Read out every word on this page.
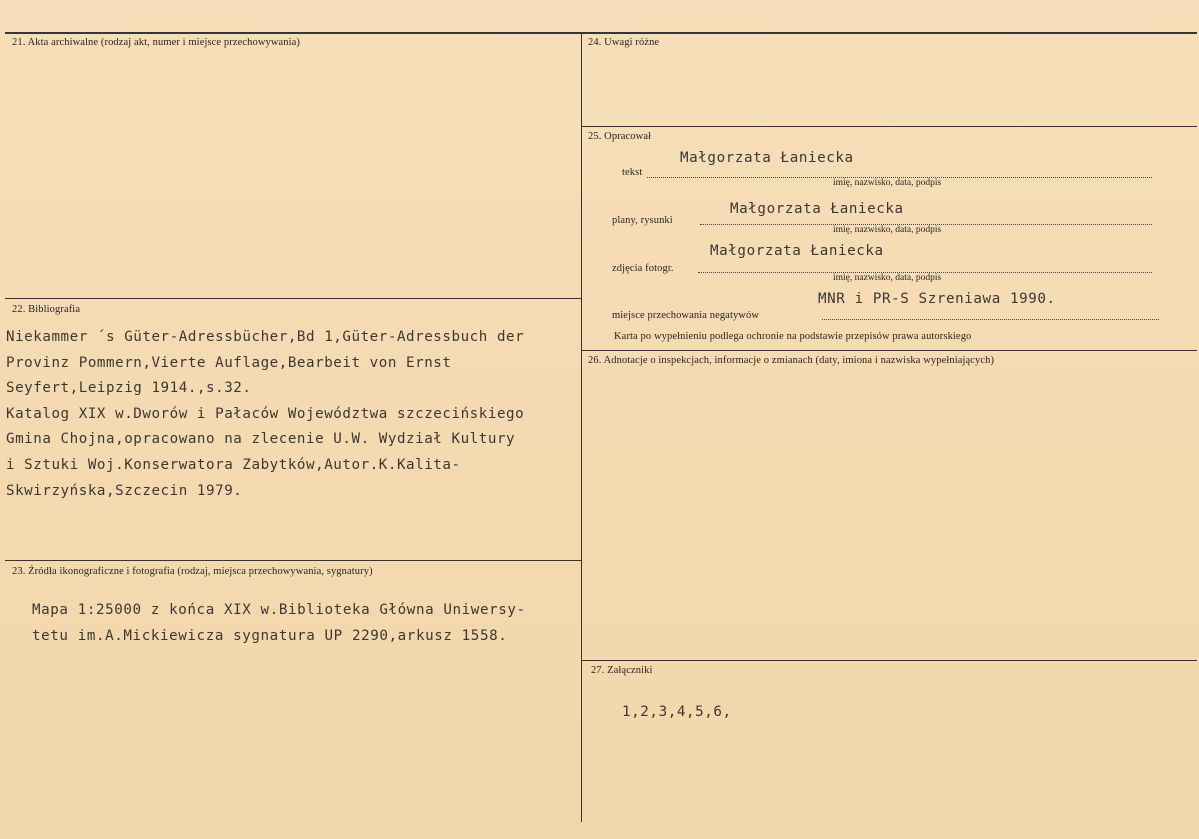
21. Akta archiwalne (rodzaj akt, numer i miejsce przechowywania)
22. Bibliografia
Niekammer ´s Güter-Adressbücher,Bd 1,Güter-Adressbuch der
Provinz Pommern,Vierte Auflage,Bearbeit von Ernst
Seyfert,Leipzig 1914.,s.32.
Katalog XIX w.Dworów i Pałaców Województwa szczecińskiego
Gmina Chojna,opracowano na zlecenie U.W. Wydział Kultury
i Sztuki Woj.Konserwatora Zabytków,Autor.K.Kalita-
Skwirzyńska,Szczecin 1979.
23. Źródła ikonograficzne i fotografia (rodzaj, miejsca przechowywania, sygnatury)
Mapa 1:25000 z końca XIX w.Biblioteka Główna Uniwersy-
tetu im.A.Mickiewicza sygnatura UP 2290,arkusz 1558.
24. Uwagi różne
25. Opracował
Małgorzata Łaniecka
tekst
imię, nazwisko, data, podpis
Małgorzata Łaniecka
plany, rysunki
imię, nazwisko, data, podpis
Małgorzata Łaniecka
zdjęcia fotogr.
imię, nazwisko, data, podpis
MNR i PR-S Szreniawa 1990.
miejsce przechowania negatywów
Karta po wypełnieniu podlega ochronie na podstawie przepisów prawa autorskiego
26. Adnotacje o inspekcjach, informacje o zmianach (daty, imiona i nazwiska wypełniających)
27. Załączniki
1,2,3,4,5,6,
